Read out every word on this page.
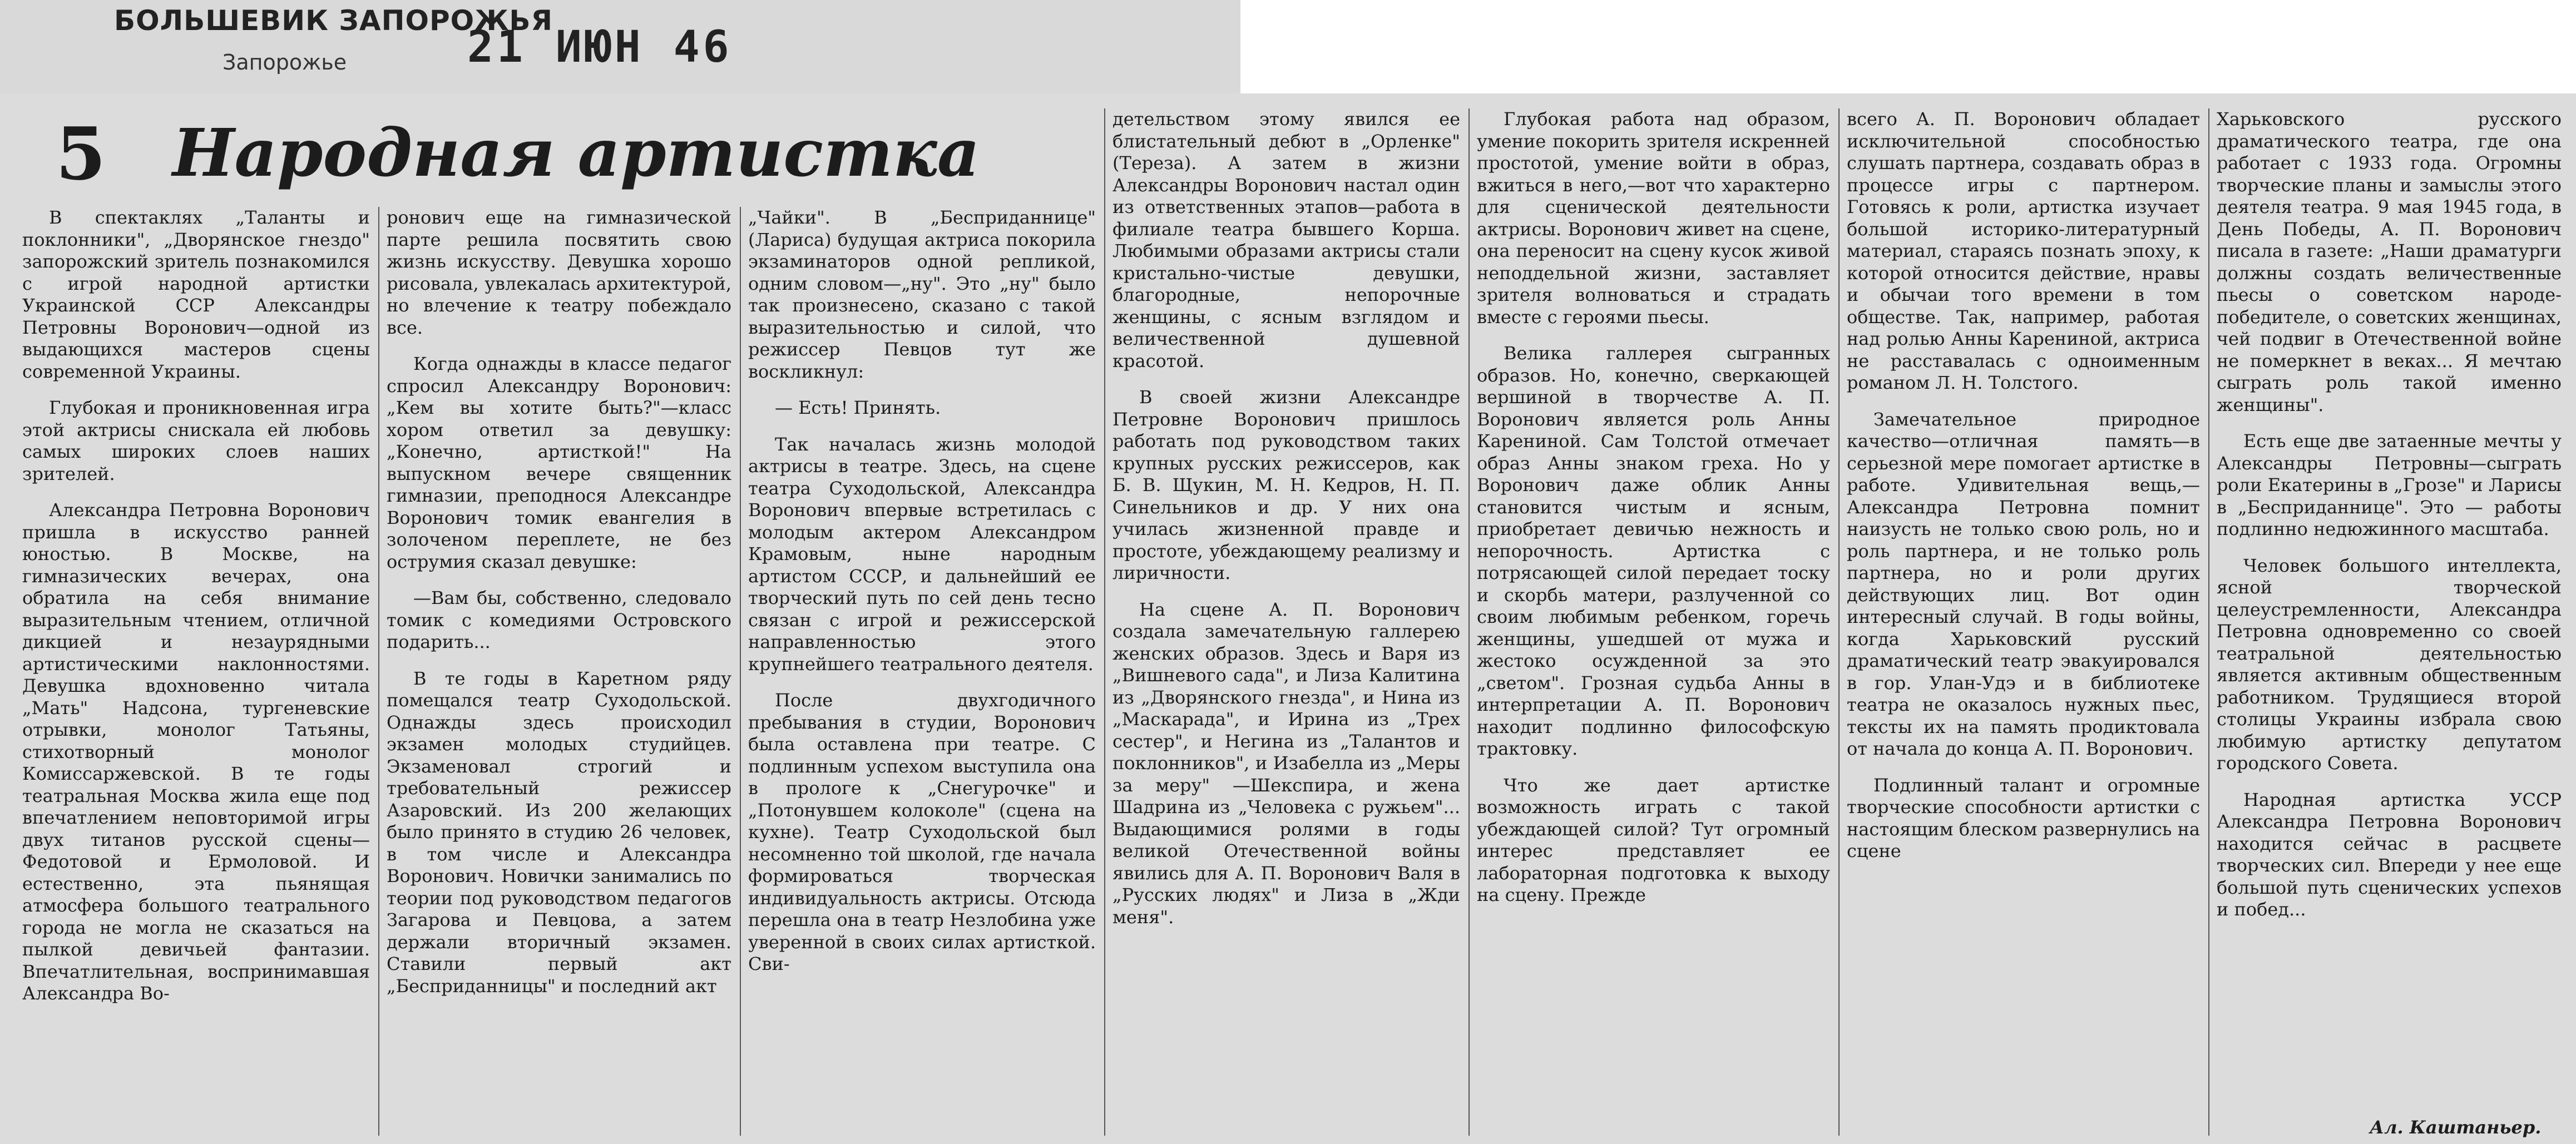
БОЛЬШЕВИК ЗАПОРОЖЬЯ
Запорожье	21 ИЮН 46
5 Народная артистка

В спектаклях „Таланты и поклонники", „Дворянское гнездо" запорожский зритель познакомился с игрой народной артистки Украинской ССР Александры Петровны Воронович—одной из выдающихся мастеров сцены современной Украины.

Глубокая и проникновенная игра этой актрисы снискала ей любовь самых широких слоев наших зрителей.

Александра Петровна Воронович пришла в искусство ранней юностью. В Москве, на гимназических вечерах, она обратила на себя внимание выразительным чтением, отличной дикцией и незаурядными артистическими наклонностями. Девушка вдохновенно читала „Мать" Надсона, тургеневские отрывки, монолог Татьяны, стихотворный монолог Комиссаржевской. В те годы театральная Москва жила еще под впечатлением неповторимой игры двух титанов русской сцены—Федотовой и Ермоловой. И естественно, эта пьянящая атмосфера большого театрального города не могла не сказаться на пылкой девичьей фантазии. Впечатлительная, воспринимавшая Александра Во-

ронович еще на гимназической парте решила посвятить свою жизнь искусству. Девушка хорошо рисовала, увлекалась архитектурой, но влечение к театру побеждало все.

Когда однажды в классе педагог спросил Александру Воронович: „Кем вы хотите быть?"—класс хором ответил за девушку: „Конечно, артисткой!" На выпускном вечере священник гимназии, преподнося Александре Воронович томик евангелия в золоченом переплете, не без острумия сказал девушке:

—Вам бы, собственно, следовало томик с комедиями Островского подарить...

В те годы в Каретном ряду помещался театр Суходольской. Однажды здесь происходил экзамен молодых студийцев. Экзаменовал строгий и требовательный режиссер Азаровский. Из 200 желающих было принято в студию 26 человек, в том числе и Александра Воронович. Новички занимались по теории под руководством педагогов Загарова и Певцова, а затем держали вторичный экзамен. Ставили первый акт „Бесприданницы" и последний акт

„Чайки". В „Бесприданнице" (Лариса) будущая актриса покорила экзаминаторов одной репликой, одним словом—„ну". Это „ну" было так произнесено, сказано с такой выразительностью и силой, что режиссер Певцов тут же воскликнул:

— Есть! Принять.

Так началась жизнь молодой актрисы в театре. Здесь, на сцене театра Суходольской, Александра Воронович впервые встретилась с молодым актером Александром Крамовым, ныне народным артистом СССР, и дальнейший ее творческий путь по сей день тесно связан с игрой и режиссерской направленностью этого крупнейшего театрального деятеля.

После двухгодичного пребывания в студии, Воронович была оставлена при театре. С подлинным успехом выступила она в прологе к „Снегурочке" и „Потонувшем колоколе" (сцена на кухне). Театр Суходольской был несомненно той школой, где начала формироваться творческая индивидуальность актрисы. Отсюда перешла она в театр Незлобина уже уверенной в своих силах артисткой. Сви-

детельством этому явился ее блистательный дебют в „Орленке" (Тереза). А затем в жизни Александры Воронович настал один из ответственных этапов—работа в филиале театра бывшего Корша. Любимыми образами актрисы стали кристально-чистые девушки, благородные, непорочные женщины, с ясным взглядом и величественной душевной красотой.

В своей жизни Александре Петровне Воронович пришлось работать под руководством таких крупных русских режиссеров, как Б. В. Щукин, М. Н. Кедров, Н. П. Синельников и др. У них она училась жизненной правде и простоте, убеждающему реализму и лиричности.

На сцене А. П. Воронович создала замечательную галлерею женских образов. Здесь и Варя из „Вишневого сада", и Лиза Калитина из „Дворянского гнезда", и Нина из „Маскарада", и Ирина из „Трех сестер", и Негина из „Талантов и поклонников", и Изабелла из „Меры за меру" —Шекспира, и жена Шадрина из „Человека с ружьем"... Выдающимися ролями в годы великой Отечественной войны явились для А. П. Воронович Валя в „Русских людях" и Лиза в „Жди меня".

Глубокая работа над образом, умение покорить зрителя искренней простотой, умение войти в образ, вжиться в него,—вот что характерно для сценической деятельности актрисы. Воронович живет на сцене, она переносит на сцену кусок живой неподдельной жизни, заставляет зрителя волноваться и страдать вместе с героями пьесы.

Велика галлерея сыгранных образов. Но, конечно, сверкающей вершиной в творчестве А. П. Воронович является роль Анны Карениной. Сам Толстой отмечает образ Анны знаком греха. Но у Воронович даже облик Анны становится чистым и ясным, приобретает девичью нежность и непорочность. Артистка с потрясающей силой передает тоску и скорбь матери, разлученной со своим любимым ребенком, горечь женщины, ушедшей от мужа и жестоко осужденной за это „светом". Грозная судьба Анны в интерпретации А. П. Воронович находит подлинно философскую трактовку.

Что же дает артистке возможность играть с такой убеждающей силой? Тут огромный интерес представляет ее лабораторная подготовка к выходу на сцену. Прежде

всего А. П. Воронович обладает исключительной способностью слушать партнера, создавать образ в процессе игры с партнером. Готовясь к роли, артистка изучает большой историко-литературный материал, стараясь познать эпоху, к которой относится действие, нравы и обычаи того времени в том обществе. Так, например, работая над ролью Анны Карениной, актриса не расставалась с одноименным романом Л. Н. Толстого.

Замечательное природное качество—отличная память—в серьезной мере помогает артистке в работе. Удивительная вещь,—Александра Петровна помнит наизусть не только свою роль, но и роль партнера, и не только роль партнера, но и роли других действующих лиц. Вот один интересный случай. В годы войны, когда Харьковский русский драматический театр эвакуировался в гор. Улан-Удэ и в библиотеке театра не оказалось нужных пьес, тексты их на память продиктовала от начала до конца А. П. Воронович.

Подлинный талант и огромные творческие способности артистки с настоящим блеском развернулись на сцене

Харьковского русского драматического театра, где она работает с 1933 года. Огромны творческие планы и замыслы этого деятеля театра. 9 мая 1945 года, в День Победы, А. П. Воронович писала в газете: „Наши драматурги должны создать величественные пьесы о советском народе-победителе, о советских женщинах, чей подвиг в Отечественной войне не померкнет в веках... Я мечтаю сыграть роль такой именно женщины".

Есть еще две затаенные мечты у Александры Петровны—сыграть роли Екатерины в „Грозе" и Ларисы в „Бесприданнице". Это — работы подлинно недюжинного масштаба.

Человек большого интеллекта, ясной творческой целеустремленности, Александра Петровна одновременно со своей театральной деятельностью является активным общественным работником. Трудящиеся второй столицы Украины избрала свою любимую артистку депутатом городского Совета.

Народная артистка УССР Александра Петровна Воронович находится сейчас в расцвете творческих сил. Впереди у нее еще большой путь сценических успехов и побед...

Ал. Каштаньер.
